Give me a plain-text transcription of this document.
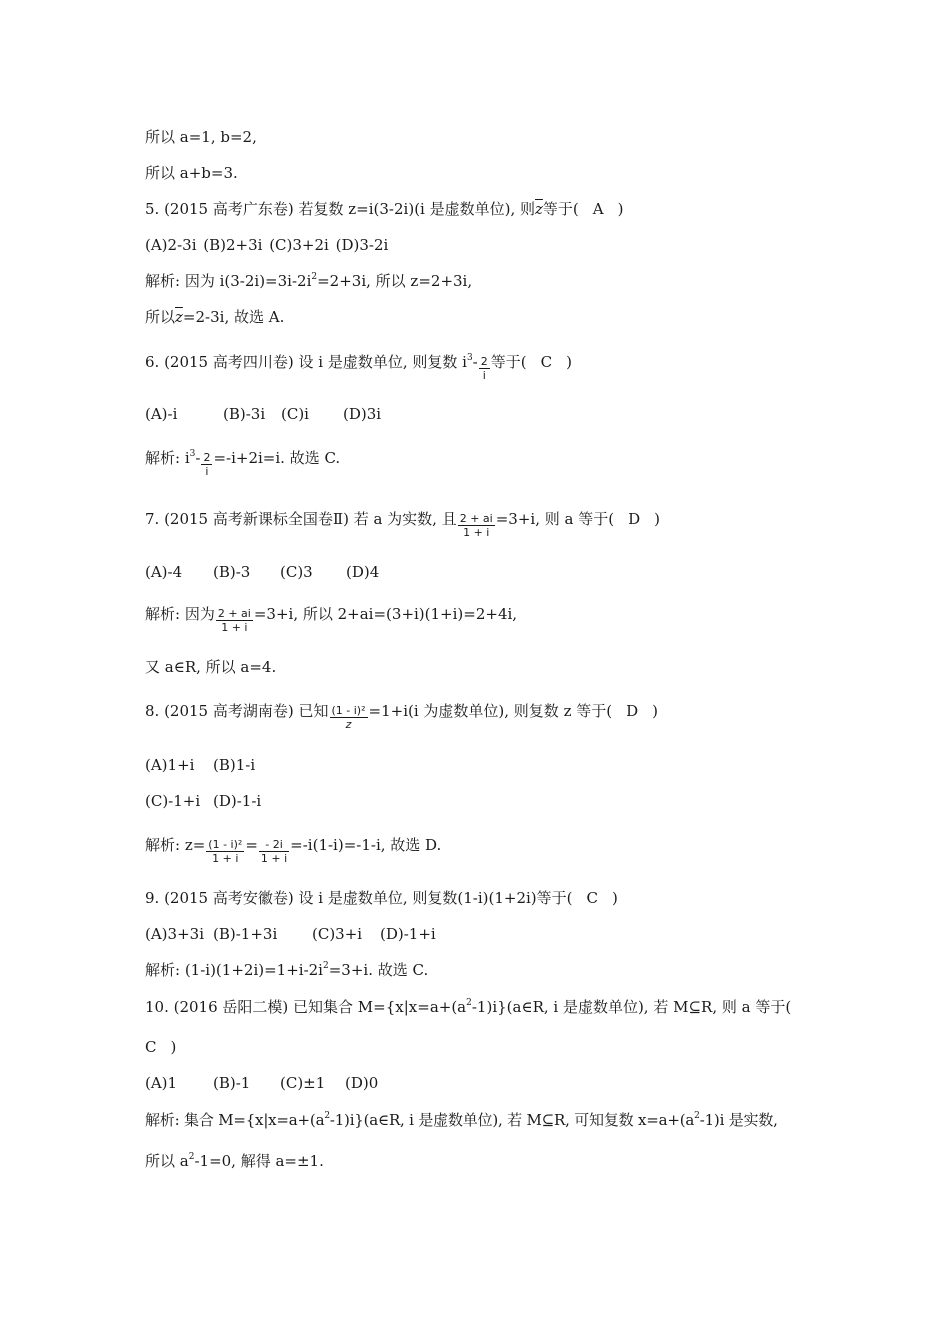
所以 a=1, b=2,
所以 a+b=3.
5. (2015 高考广东卷) 若复数 z=i(3-2i)(i 是虚数单位), 则$\overline{z}$等于( A )
(A)2-3i (B)2+3i (C)3+2i (D)3-2i
解析: 因为 $i(3-2i)=3i-2i^2=2+3i$, 所以 z=2+3i,
所以$\overline{z}=2-3i$, 故选 A.
6. (2015 高考四川卷) 设 i 是虚数单位, 则复数 $i^3- \frac{2}{i}$ 等于( C )
(A)-i	(B)-3i (C)i (D)3i
解析: $i^3- \frac{2}{i} =-i+2i=i$. 故选 C.
7. (2015 高考新课标全国卷Ⅱ) 若 a 为实数, 且 $\frac{2 + ai}{1 + i} =3+i$, 则 a 等于( D )
(A)-4 (B)-3 (C)3 (D)4
解析: 因为 $\frac{2 + ai}{1 + i} =3+i$, 所以 2+ai=(3+i)(1+i)=2+4i,
又 a∈R, 所以 a=4.
8. (2015 高考湖南卷) 已知 $\frac{\text{(1 - i)²}}{z} =1+i(i$ 为虚数单位), 则复数 z 等于( D )
(A)1+i (B)1-i
(C)-1+i (D)-1-i
解析: $z= \frac{\text{(1 - i)²}}{1 + i} = \frac{- 2i}{1 + i} =-i(1-i)=-1-i$, 故选 D.
9. (2015 高考安徽卷) 设 i 是虚数单位, 则复数(1-i)(1+2i)等于( C )
(A)3+3i (B)-1+3i (C)3+i (D)-1+i
解析: $(1-i)(1+2i)=1+i-2i^2=3+i$. 故选 C.
10. (2016 岳阳二模) 已知集合 $M=\{x|x=a+(a^2-1)i\}(a\in R$, i 是虚数单位), 若 M⊆R, 则 a 等于(
C )
(A)1 (B)-1 (C)±1 (D)0
解析: 集合 $M=\{x|x=a+(a^2-1)i\}(a\in R$, i 是虚数单位), 若 M⊆R, 可知复数 $x=a+(a^2-1)i$ 是实数,
所以 $a^2-1=0$, 解得 a=±1.
